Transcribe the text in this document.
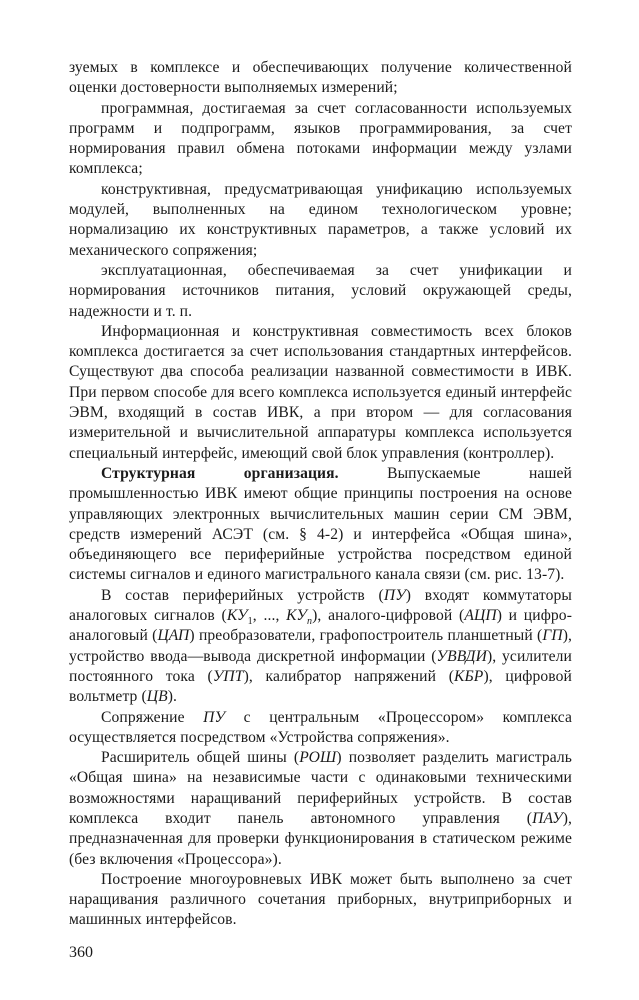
зуемых в комплексе и обеспечивающих получение количественной оценки достоверности выполняемых измерений;

программная, достигаемая за счет согласованности используемых программ и подпрограмм, языков программирования, за счет нормирования правил обмена потоками информации между узлами комплекса;

конструктивная, предусматривающая унификацию используемых модулей, выполненных на едином технологическом уровне; нормализацию их конструктивных параметров, а также условий их механического сопряжения;

эксплуатационная, обеспечиваемая за счет унификации и нормирования источников питания, условий окружающей среды, надежности и т. п.

Информационная и конструктивная совместимость всех блоков комплекса достигается за счет использования стандартных интерфейсов. Существуют два способа реализации названной совместимости в ИВК. При первом способе для всего комплекса используется единый интерфейс ЭВМ, входящий в состав ИВК, а при втором — для согласования измерительной и вычислительной аппаратуры комплекса используется специальный интерфейс, имеющий свой блок управления (контроллер).

Структурная организация. Выпускаемые нашей промышленностью ИВК имеют общие принципы построения на основе управляющих электронных вычислительных машин серии СМ ЭВМ, средств измерений АСЭТ (см. § 4-2) и интерфейса «Общая шина», объединяющего все периферийные устройства посредством единой системы сигналов и единого магистрального канала связи (см. рис. 13-7).

В состав периферийных устройств (ПУ) входят коммутаторы аналоговых сигналов ($КУ_1$, ..., $КУ_n$), аналого-цифровой (АЦП) и цифро-аналоговый (ЦАП) преобразователи, графопостроитель планшетный (ГП), устройство ввода—вывода дискретной информации (УВВДИ), усилители постоянного тока (УПТ), калибратор напряжений (КБР), цифровой вольтметр (ЦВ).

Сопряжение ПУ с центральным «Процессором» комплекса осуществляется посредством «Устройства сопряжения».

Расширитель общей шины (РОШ) позволяет разделить магистраль «Общая шина» на независимые части с одинаковыми техническими возможностями наращиваний периферийных устройств. В состав комплекса входит панель автономного управления (ПАУ), предназначенная для проверки функционирования в статическом режиме (без включения «Процессора»).

Построение многоуровневых ИВК может быть выполнено за счет наращивания различного сочетания приборных, внутриприборных и машинных интерфейсов.

360
